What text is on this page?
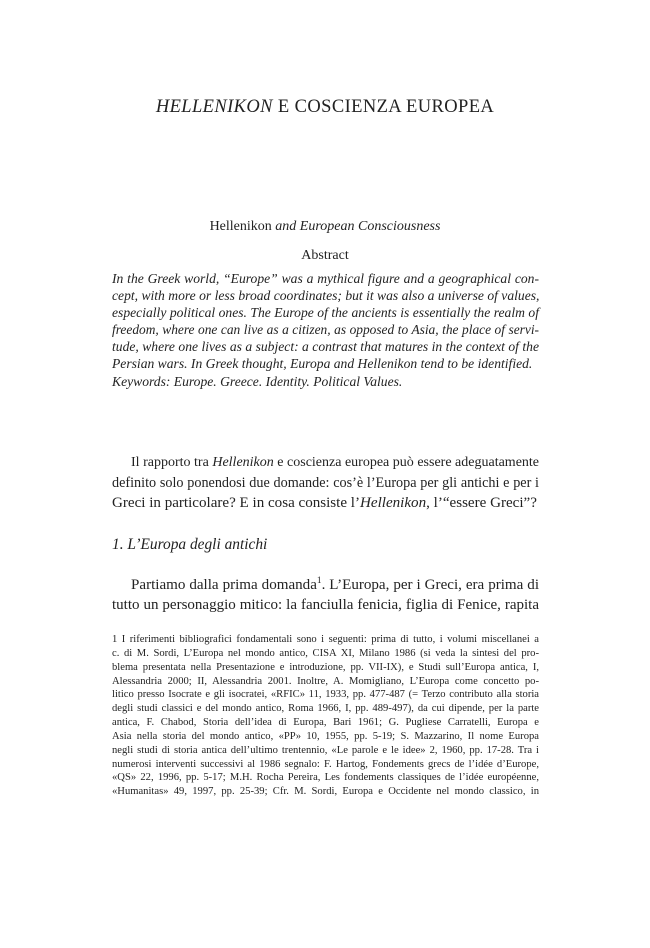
HELLENIKON E COSCIENZA EUROPEA
Hellenikon and European Consciousness
Abstract
In the Greek world, “Europe” was a mythical figure and a geographical con-
cept, with more or less broad coordinates; but it was also a universe of values,
especially political ones. The Europe of the ancients is essentially the realm of
freedom, where one can live as a citizen, as opposed to Asia, the place of servi-
tude, where one lives as a subject: a contrast that matures in the context of the
Persian wars. In Greek thought, Europa and Hellenikon tend to be identified.
Keywords: Europe. Greece. Identity. Political Values.
Il rapporto tra Hellenikon e coscienza europea può essere adeguatamente
definito solo ponendosi due domande: cos’è l’Europa per gli antichi e per i
Greci in particolare? E in cosa consiste l’Hellenikon, l’“essere Greci”?
1. L’Europa degli antichi
Partiamo dalla prima domanda$^1$. L’Europa, per i Greci, era prima di
tutto un personaggio mitico: la fanciulla fenicia, figlia di Fenice, rapita
1 I riferimenti bibliografici fondamentali sono i seguenti: prima di tutto, i volumi miscellanei a
c. di M. Sordi, L’Europa nel mondo antico, CISA XI, Milano 1986 (si veda la sintesi del pro-
blema presentata nella Presentazione e introduzione, pp. VII-IX), e Studi sull’Europa antica, I,
Alessandria 2000; II, Alessandria 2001. Inoltre, A. Momigliano, L’Europa come concetto po-
litico presso Isocrate e gli isocratei, «RFIC» 11, 1933, pp. 477-487 (= Terzo contributo alla storia
degli studi classici e del mondo antico, Roma 1966, I, pp. 489-497), da cui dipende, per la parte
antica, F. Chabod, Storia dell’idea di Europa, Bari 1961; G. Pugliese Carratelli, Europa e
Asia nella storia del mondo antico, «PP» 10, 1955, pp. 5-19; S. Mazzarino, Il nome Europa
negli studi di storia antica dell’ultimo trentennio, «Le parole e le idee» 2, 1960, pp. 17-28. Tra i
numerosi interventi successivi al 1986 segnalo: F. Hartog, Fondements grecs de l’idée d’Europe,
«QS» 22, 1996, pp. 5-17; M.H. Rocha Pereira, Les fondements classiques de l’idée européenne,
«Humanitas» 49, 1997, pp. 25-39; Cfr. M. Sordi, Europa e Occidente nel mondo classico, in
